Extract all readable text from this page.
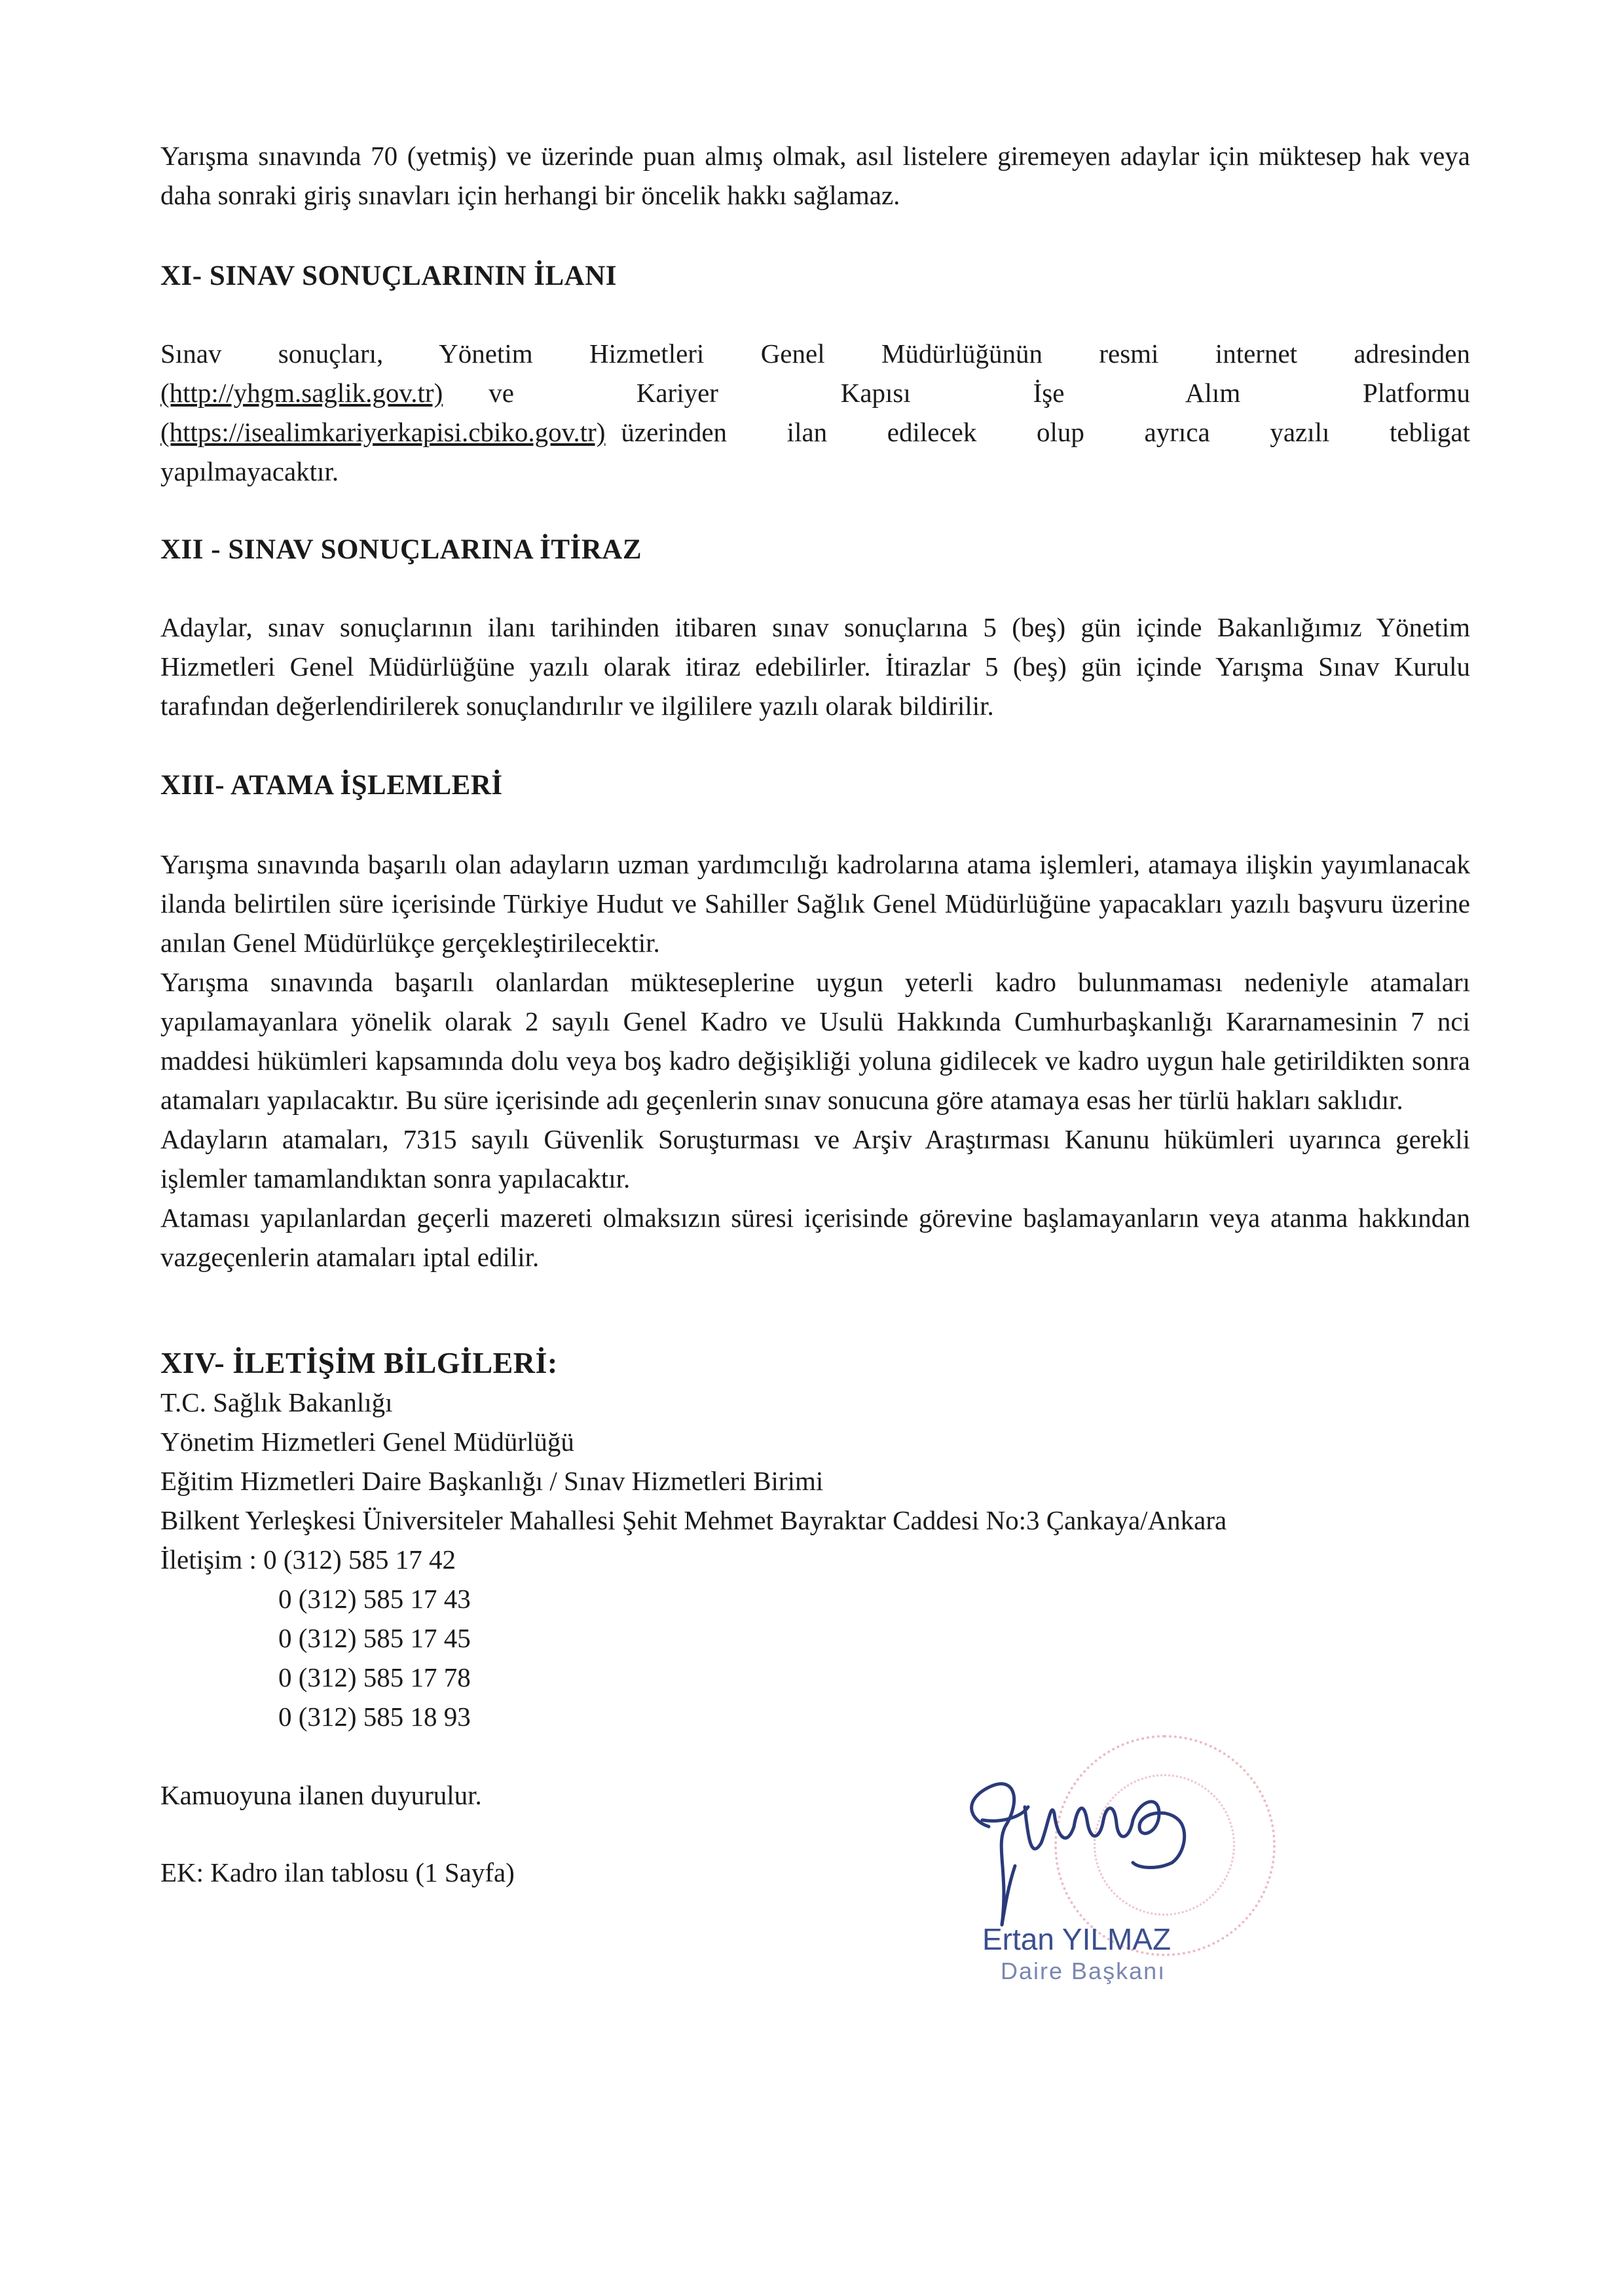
Yarışma sınavında 70 (yetmiş) ve üzerinde puan almış olmak, asıl listelere giremeyen adaylar için müktesep hak veya daha sonraki giriş sınavları için herhangi bir öncelik hakkı sağlamaz.

XI- SINAV SONUÇLARININ İLANI

Sınav sonuçları, Yönetim Hizmetleri Genel Müdürlüğünün resmi internet adresinden

(http://yhgm.saglik.gov.tr) ve Kariyer Kapısı İşe Alım Platformu

(https://isealimkariyerkapisi.cbiko.gov.tr) üzerinden ilan edilecek olup ayrıca yazılı tebligat

yapılmayacaktır.

XII - SINAV SONUÇLARINA İTİRAZ

Adaylar, sınav sonuçlarının ilanı tarihinden itibaren sınav sonuçlarına 5 (beş) gün içinde Bakanlığımız Yönetim Hizmetleri Genel Müdürlüğüne yazılı olarak itiraz edebilirler. İtirazlar 5 (beş) gün içinde Yarışma Sınav Kurulu tarafından değerlendirilerek sonuçlandırılır ve ilgililere yazılı olarak bildirilir.

XIII- ATAMA İŞLEMLERİ

Yarışma sınavında başarılı olan adayların uzman yardımcılığı kadrolarına atama işlemleri, atamaya ilişkin yayımlanacak ilanda belirtilen süre içerisinde Türkiye Hudut ve Sahiller Sağlık Genel Müdürlüğüne yapacakları yazılı başvuru üzerine anılan Genel Müdürlükçe gerçekleştirilecektir.

Yarışma sınavında başarılı olanlardan mükteseplerine uygun yeterli kadro bulunmaması nedeniyle atamaları yapılamayanlara yönelik olarak 2 sayılı Genel Kadro ve Usulü Hakkında Cumhurbaşkanlığı Kararnamesinin 7 nci maddesi hükümleri kapsamında dolu veya boş kadro değişikliği yoluna gidilecek ve kadro uygun hale getirildikten sonra atamaları yapılacaktır. Bu süre içerisinde adı geçenlerin sınav sonucuna göre atamaya esas her türlü hakları saklıdır.

Adayların atamaları, 7315 sayılı Güvenlik Soruşturması ve Arşiv Araştırması Kanunu hükümleri uyarınca gerekli işlemler tamamlandıktan sonra yapılacaktır.

Ataması yapılanlardan geçerli mazereti olmaksızın süresi içerisinde görevine başlamayanların veya atanma hakkından vazgeçenlerin atamaları iptal edilir.

XIV- İLETİŞİM BİLGİLERİ:

T.C. Sağlık Bakanlığı
Yönetim Hizmetleri Genel Müdürlüğü
Eğitim Hizmetleri Daire Başkanlığı / Sınav Hizmetleri Birimi
Bilkent Yerleşkesi Üniversiteler Mahallesi Şehit Mehmet Bayraktar Caddesi No:3 Çankaya/Ankara
İletişim : 0 (312) 585 17 42
0 (312) 585 17 43
0 (312) 585 17 45
0 (312) 585 17 78
0 (312) 585 18 93
Kamuoyuna ilanen duyurulur.
EK: Kadro ilan tablosu (1 Sayfa)
Ertan YILMAZ
Daire Başkanı
